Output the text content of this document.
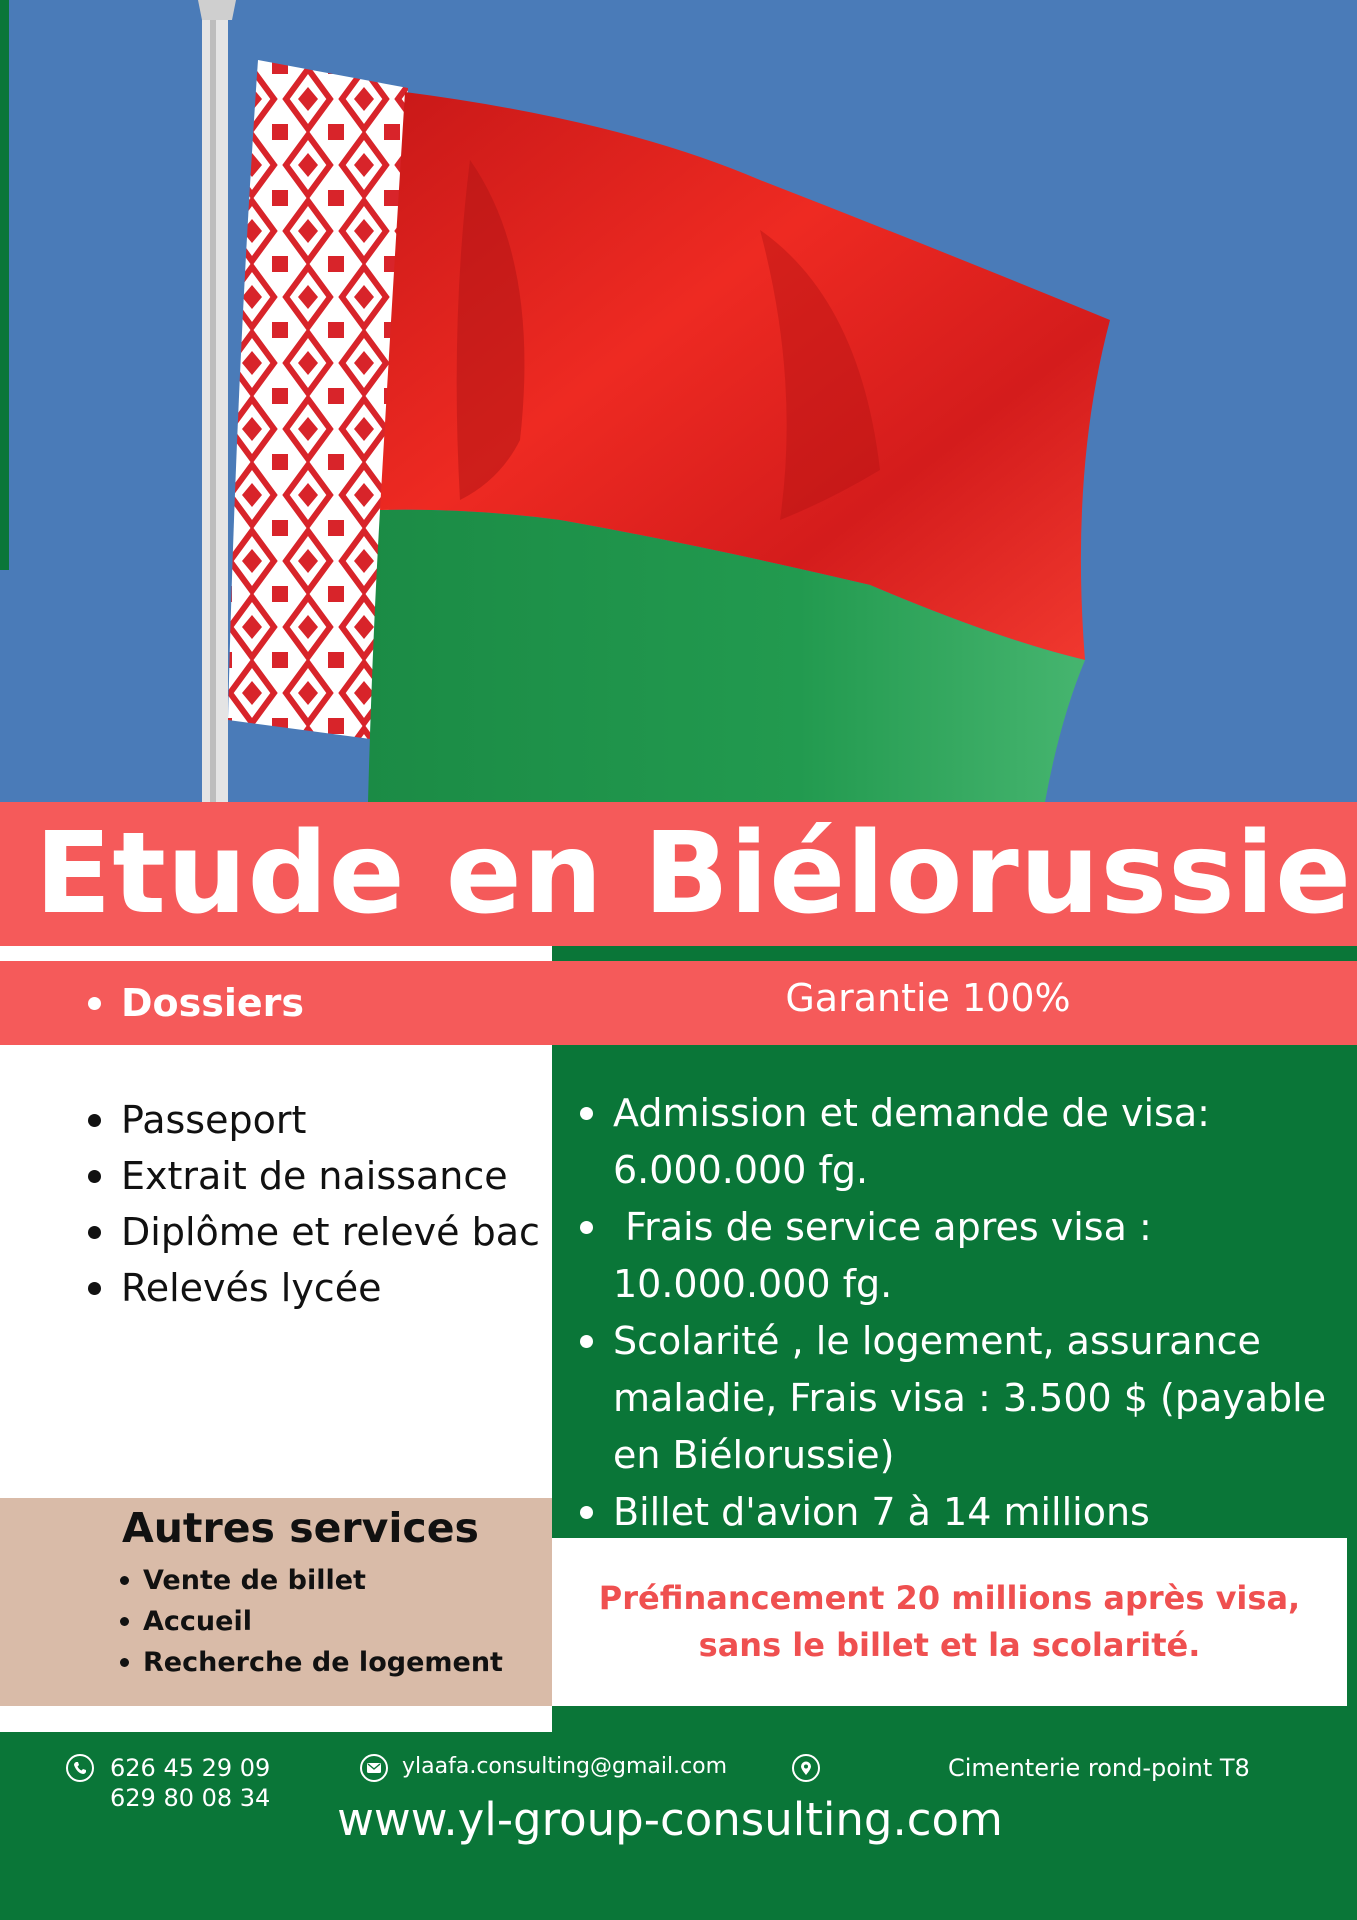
Etude en Biélorussie
Dossiers	Garantie 100%
Passeport
Extrait de naissance
Diplôme et relevé bac
Relevés lycée
Admission et demande de visa: 6.000.000 fg.
Frais de service apres visa : 10.000.000 fg.
Scolarité , le logement, assurance maladie, Frais visa : 3.500 $ (payable en Biélorussie)
Billet d'avion 7 à 14 millions
Autres services
Vente de billet
Accueil
Recherche de logement
Préfinancement 20 millions après visa, sans le billet et la scolarité.
626 45 29 09
629 80 08 34
ylaafa.consulting@gmail.com	Cimenterie rond-point T8
www.yl-group-consulting.com
